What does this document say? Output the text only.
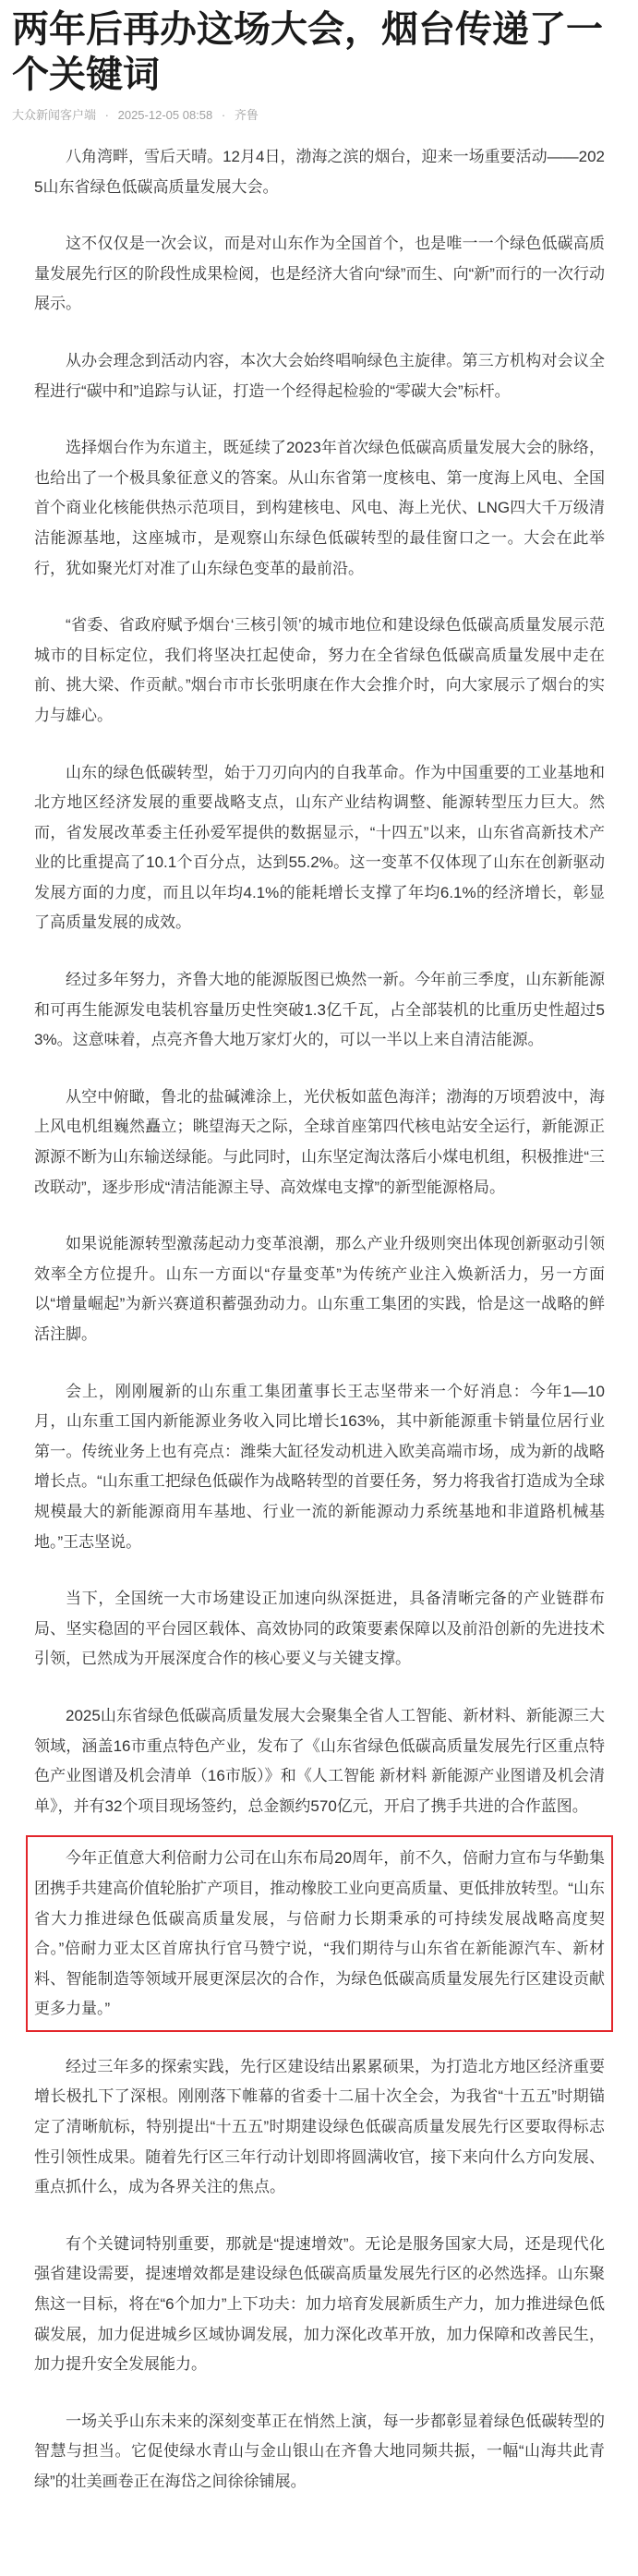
两年后再办这场大会，烟台传递了一个关键词
大众新闻客户端 · 2025-12-05 08:58 · 齐鲁

八角湾畔，雪后天晴。12月4日，渤海之滨的烟台，迎来一场重要活动——2025山东省绿色低碳高质量发展大会。

这不仅仅是一次会议，而是对山东作为全国首个，也是唯一一个绿色低碳高质量发展先行区的阶段性成果检阅，也是经济大省向“绿”而生、向“新”而行的一次行动展示。

从办会理念到活动内容，本次大会始终唱响绿色主旋律。第三方机构对会议全程进行“碳中和”追踪与认证，打造一个经得起检验的“零碳大会”标杆。

选择烟台作为东道主，既延续了2023年首次绿色低碳高质量发展大会的脉络，也给出了一个极具象征意义的答案。从山东省第一度核电、第一度海上风电、全国首个商业化核能供热示范项目，到构建核电、风电、海上光伏、LNG四大千万级清洁能源基地，这座城市，是观察山东绿色低碳转型的最佳窗口之一。大会在此举行，犹如聚光灯对准了山东绿色变革的最前沿。

“省委、省政府赋予烟台‘三核引领’的城市地位和建设绿色低碳高质量发展示范城市的目标定位，我们将坚决扛起使命，努力在全省绿色低碳高质量发展中走在前、挑大梁、作贡献。”烟台市市长张明康在作大会推介时，向大家展示了烟台的实力与雄心。

山东的绿色低碳转型，始于刀刃向内的自我革命。作为中国重要的工业基地和北方地区经济发展的重要战略支点，山东产业结构调整、能源转型压力巨大。然而，省发展改革委主任孙爱军提供的数据显示，“十四五”以来，山东省高新技术产业的比重提高了10.1个百分点，达到55.2%。这一变革不仅体现了山东在创新驱动发展方面的力度，而且以年均4.1%的能耗增长支撑了年均6.1%的经济增长，彰显了高质量发展的成效。

经过多年努力，齐鲁大地的能源版图已焕然一新。今年前三季度，山东新能源和可再生能源发电装机容量历史性突破1.3亿千瓦，占全部装机的比重历史性超过53%。这意味着，点亮齐鲁大地万家灯火的，可以一半以上来自清洁能源。

从空中俯瞰，鲁北的盐碱滩涂上，光伏板如蓝色海洋；渤海的万顷碧波中，海上风电机组巍然矗立；眺望海天之际，全球首座第四代核电站安全运行，新能源正源源不断为山东输送绿能。与此同时，山东坚定淘汰落后小煤电机组，积极推进“三改联动”，逐步形成“清洁能源主导、高效煤电支撑”的新型能源格局。

如果说能源转型激荡起动力变革浪潮，那么产业升级则突出体现创新驱动引领效率全方位提升。山东一方面以“存量变革”为传统产业注入焕新活力，另一方面以“增量崛起”为新兴赛道积蓄强劲动力。山东重工集团的实践，恰是这一战略的鲜活注脚。

会上，刚刚履新的山东重工集团董事长王志坚带来一个好消息：今年1—10月，山东重工国内新能源业务收入同比增长163%，其中新能源重卡销量位居行业第一。传统业务上也有亮点：潍柴大缸径发动机进入欧美高端市场，成为新的战略增长点。“山东重工把绿色低碳作为战略转型的首要任务，努力将我省打造成为全球规模最大的新能源商用车基地、行业一流的新能源动力系统基地和非道路机械基地。”王志坚说。

当下，全国统一大市场建设正加速向纵深挺进，具备清晰完备的产业链群布局、坚实稳固的平台园区载体、高效协同的政策要素保障以及前沿创新的先进技术引领，已然成为开展深度合作的核心要义与关键支撑。

2025山东省绿色低碳高质量发展大会聚集全省人工智能、新材料、新能源三大领域，涵盖16市重点特色产业，发布了《山东省绿色低碳高质量发展先行区重点特色产业图谱及机会清单（16市版）》和《人工智能 新材料 新能源产业图谱及机会清单》，并有32个项目现场签约，总金额约570亿元，开启了携手共进的合作蓝图。

今年正值意大利倍耐力公司在山东布局20周年，前不久，倍耐力宣布与华勤集团携手共建高价值轮胎扩产项目，推动橡胶工业向更高质量、更低排放转型。“山东省大力推进绿色低碳高质量发展，与倍耐力长期秉承的可持续发展战略高度契合。”倍耐力亚太区首席执行官马赞宁说，“我们期待与山东省在新能源汽车、新材料、智能制造等领域开展更深层次的合作，为绿色低碳高质量发展先行区建设贡献更多力量。”

经过三年多的探索实践，先行区建设结出累累硕果，为打造北方地区经济重要增长极扎下了深根。刚刚落下帷幕的省委十二届十次全会，为我省“十五五”时期锚定了清晰航标，特别提出“十五五”时期建设绿色低碳高质量发展先行区要取得标志性引领性成果。随着先行区三年行动计划即将圆满收官，接下来向什么方向发展、重点抓什么，成为各界关注的焦点。

有个关键词特别重要，那就是“提速增效”。无论是服务国家大局，还是现代化强省建设需要，提速增效都是建设绿色低碳高质量发展先行区的必然选择。山东聚焦这一目标，将在“6个加力”上下功夫：加力培育发展新质生产力，加力推进绿色低碳发展，加力促进城乡区域协调发展，加力深化改革开放，加力保障和改善民生，加力提升安全发展能力。

一场关乎山东未来的深刻变革正在悄然上演，每一步都彰显着绿色低碳转型的智慧与担当。它促使绿水青山与金山银山在齐鲁大地同频共振，一幅“山海共此青绿”的壮美画卷正在海岱之间徐徐铺展。
